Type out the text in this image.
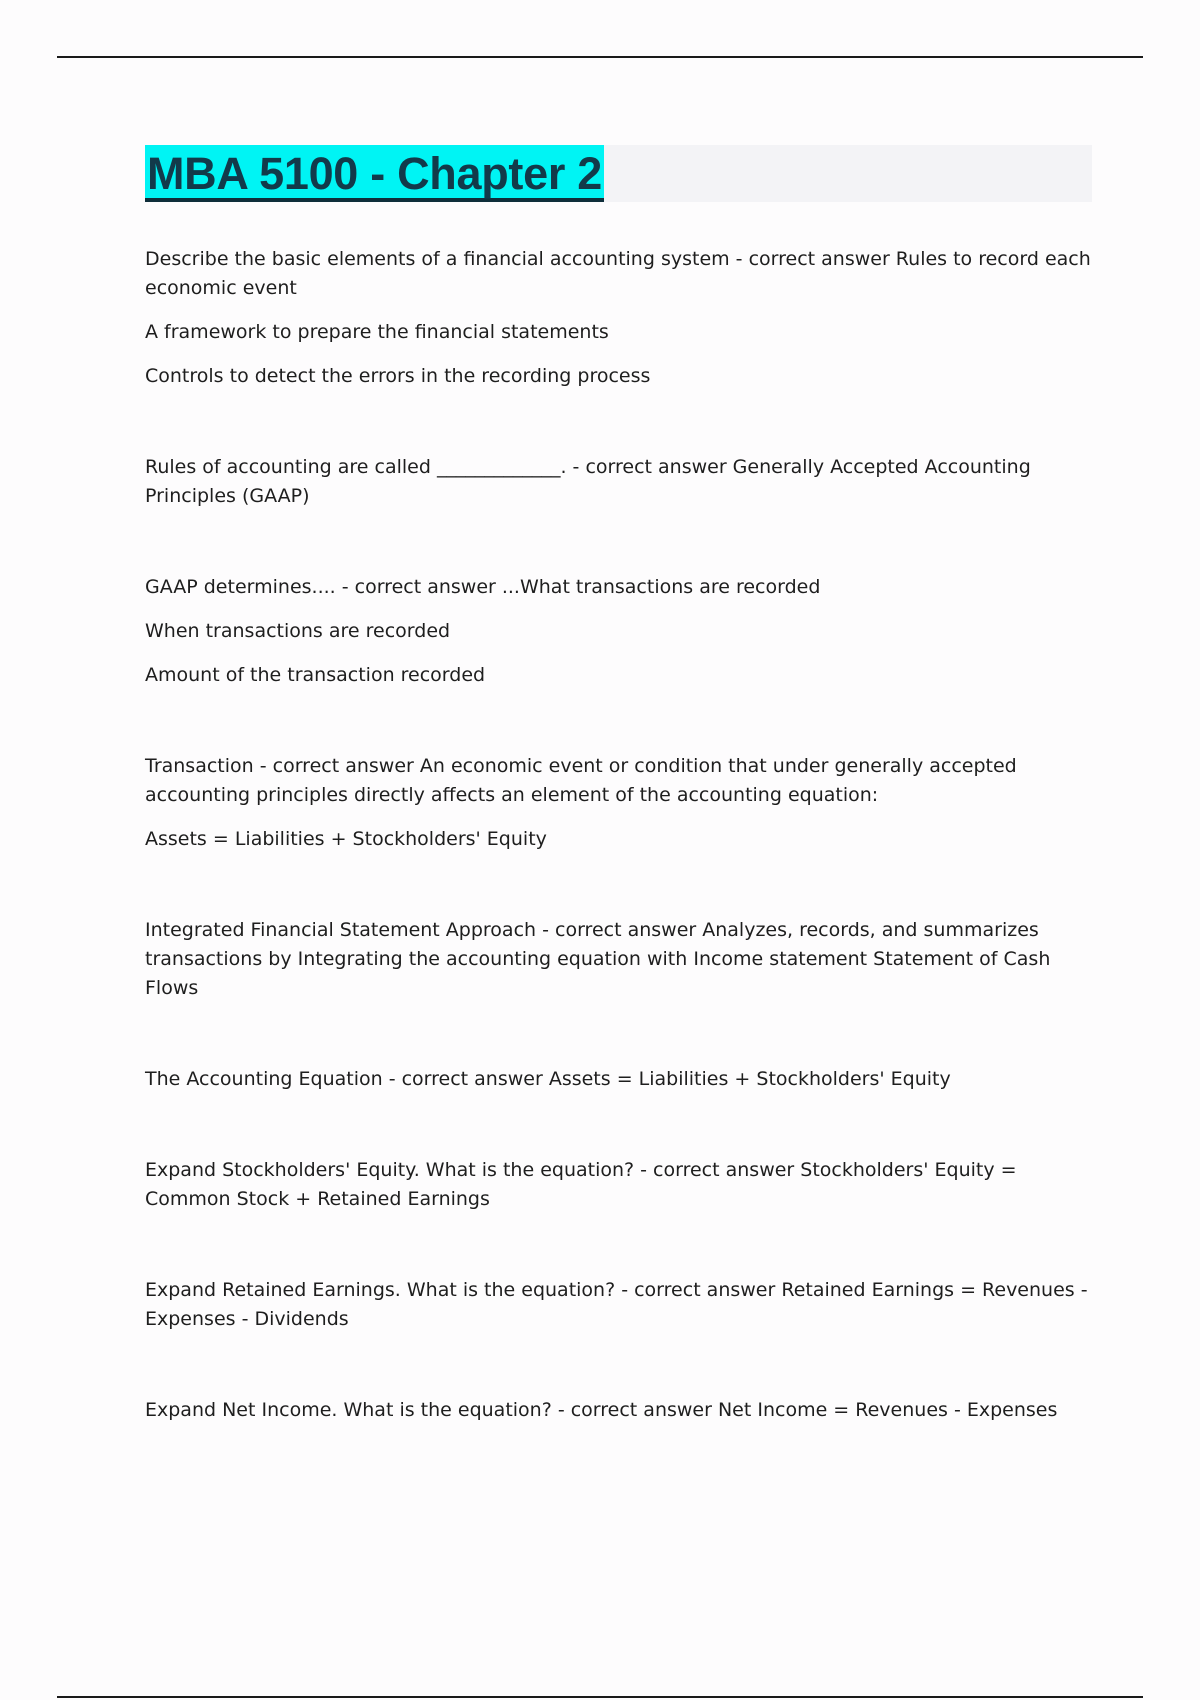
MBA 5100 - Chapter 2

Describe the basic elements of a financial accounting system - correct answer Rules to record each economic event

A framework to prepare the financial statements

Controls to detect the errors in the recording process

Rules of accounting are called _____________. - correct answer Generally Accepted Accounting Principles (GAAP)

GAAP determines.... - correct answer ...What transactions are recorded

When transactions are recorded

Amount of the transaction recorded

Transaction - correct answer An economic event or condition that under generally accepted accounting principles directly affects an element of the accounting equation:

Assets = Liabilities + Stockholders' Equity

Integrated Financial Statement Approach - correct answer Analyzes, records, and summarizes transactions by Integrating the accounting equation with Income statement Statement of Cash Flows

The Accounting Equation - correct answer Assets = Liabilities + Stockholders' Equity

Expand Stockholders' Equity. What is the equation? - correct answer Stockholders' Equity = Common Stock + Retained Earnings

Expand Retained Earnings. What is the equation? - correct answer Retained Earnings = Revenues - Expenses - Dividends

Expand Net Income. What is the equation? - correct answer Net Income = Revenues - Expenses
